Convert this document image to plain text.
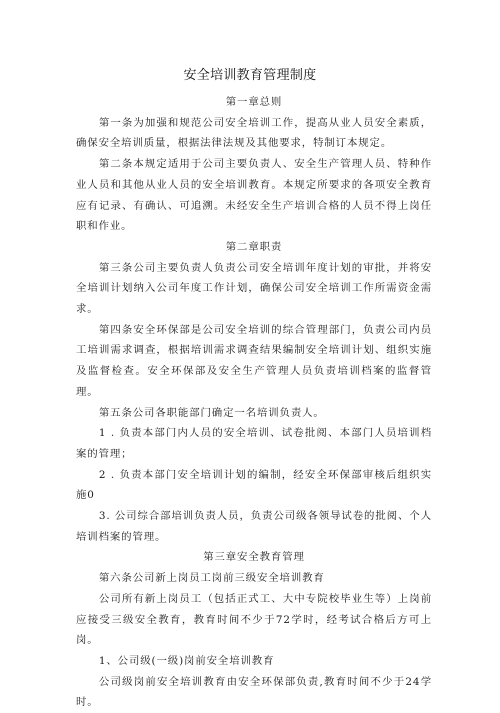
安全培训教育管理制度

第一章总则

第一条为加强和规范公司安全培训工作，提高从业人员安全素质，确保安全培训质量，根据法律法规及其他要求，特制订本规定。

第二条本规定适用于公司主要负责人、安全生产管理人员、特种作业人员和其他从业人员的安全培训教育。本规定所要求的各项安全教育应有记录、有确认、可追溯。未经安全生产培训合格的人员不得上岗任职和作业。

第二章职责

第三条公司主要负责人负责公司安全培训年度计划的审批，并将安全培训计划纳入公司年度工作计划，确保公司安全培训工作所需资金需求。

第四条安全环保部是公司安全培训的综合管理部门，负责公司内员工培训需求调查，根据培训需求调查结果编制安全培训计划、组织实施及监督检查。安全环保部及安全生产管理人员负责培训档案的监督管理。

第五条公司各职能部门确定一名培训负责人。

1 . 负责本部门内人员的安全培训、试卷批阅、本部门人员培训档案的管理；

2 . 负责本部门安全培训计划的编制，经安全环保部审核后组织实施0

3. 公司综合部培训负责人员，负责公司级各领导试卷的批阅、个人培训档案的管理。

第三章安全教育管理

第六条公司新上岗员工岗前三级安全培训教育

公司所有新上岗员工（包括正式工、大中专院校毕业生等）上岗前应接受三级安全教育，教育时间不少于72学时，经考试合格后方可上岗。

1、公司级(一级)岗前安全培训教育

公司级岗前安全培训教育由安全环保部负责,教育时间不少于24学时。
